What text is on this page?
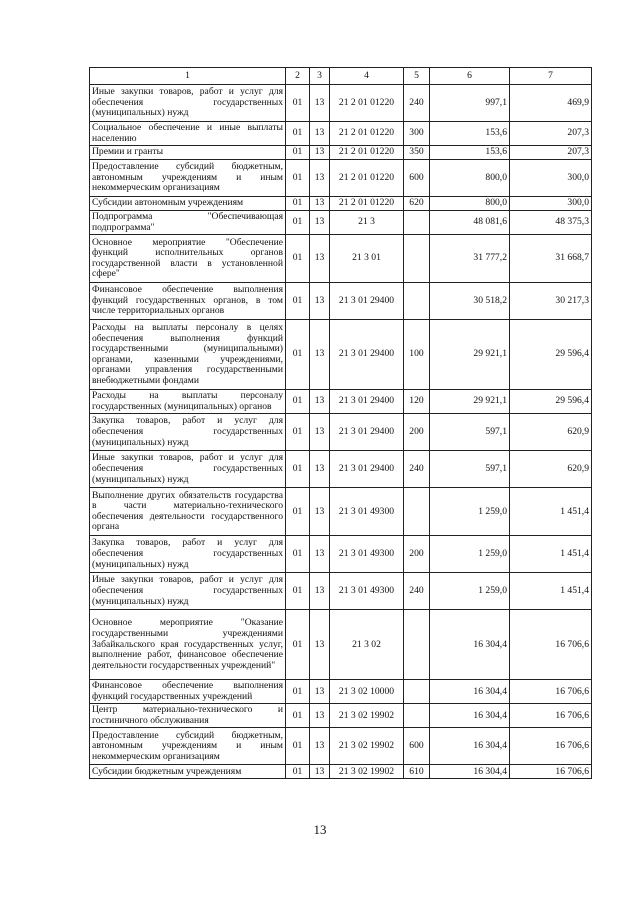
1	2	3	4	5	6	7
Иные закупки товаров, работ и услуг для обеспечения государственных (муниципальных) нужд	01	13	21 2 01 01220	240	997,1	469,9
Социальное обеспечение и иные выплаты населению	01	13	21 2 01 01220	300	153,6	207,3
Премии и гранты	01	13	21 2 01 01220	350	153,6	207,3
Предоставление субсидий бюджетным, автономным учреждениям и иным некоммерческим организациям	01	13	21 2 01 01220	600	800,0	300,0
Субсидии автономным учреждениям	01	13	21 2 01 01220	620	800,0	300,0
Подпрограмма "Обеспечивающая подпрограмма"	01	13	21 3		48 081,6	48 375,3
Основное мероприятие "Обеспечение функций исполнительных органов государственной власти в установленной сфере"	01	13	21 3 01		31 777,2	31 668,7
Финансовое обеспечение выполнения функций государственных органов, в том числе территориальных органов	01	13	21 3 01 29400		30 518,2	30 217,3
Расходы на выплаты персоналу в целях обеспечения выполнения функций государственными (муниципальными) органами, казенными учреждениями, органами управления государственными внебюджетными фондами	01	13	21 3 01 29400	100	29 921,1	29 596,4
Расходы на выплаты персоналу государственных (муниципальных) органов	01	13	21 3 01 29400	120	29 921,1	29 596,4
Закупка товаров, работ и услуг для обеспечения государственных (муниципальных) нужд	01	13	21 3 01 29400	200	597,1	620,9
Иные закупки товаров, работ и услуг для обеспечения государственных (муниципальных) нужд	01	13	21 3 01 29400	240	597,1	620,9
Выполнение других обязательств государства в части материально-технического обеспечения деятельности государственного органа	01	13	21 3 01 49300		1 259,0	1 451,4
Закупка товаров, работ и услуг для обеспечения государственных (муниципальных) нужд	01	13	21 3 01 49300	200	1 259,0	1 451,4
Иные закупки товаров, работ и услуг для обеспечения государственных (муниципальных) нужд	01	13	21 3 01 49300	240	1 259,0	1 451,4
Основное мероприятие "Оказание государственными учреждениями Забайкальского края государственных услуг, выполнение работ, финансовое обеспечение деятельности государственных учреждений"	01	13	21 3 02		16 304,4	16 706,6
Финансовое обеспечение выполнения функций государственных учреждений	01	13	21 3 02 10000		16 304,4	16 706,6
Центр материально-технического и гостиничного обслуживания	01	13	21 3 02 19902		16 304,4	16 706,6
Предоставление субсидий бюджетным, автономным учреждениям и иным некоммерческим организациям	01	13	21 3 02 19902	600	16 304,4	16 706,6
Субсидии бюджетным учреждениям	01	13	21 3 02 19902	610	16 304,4	16 706,6
13
